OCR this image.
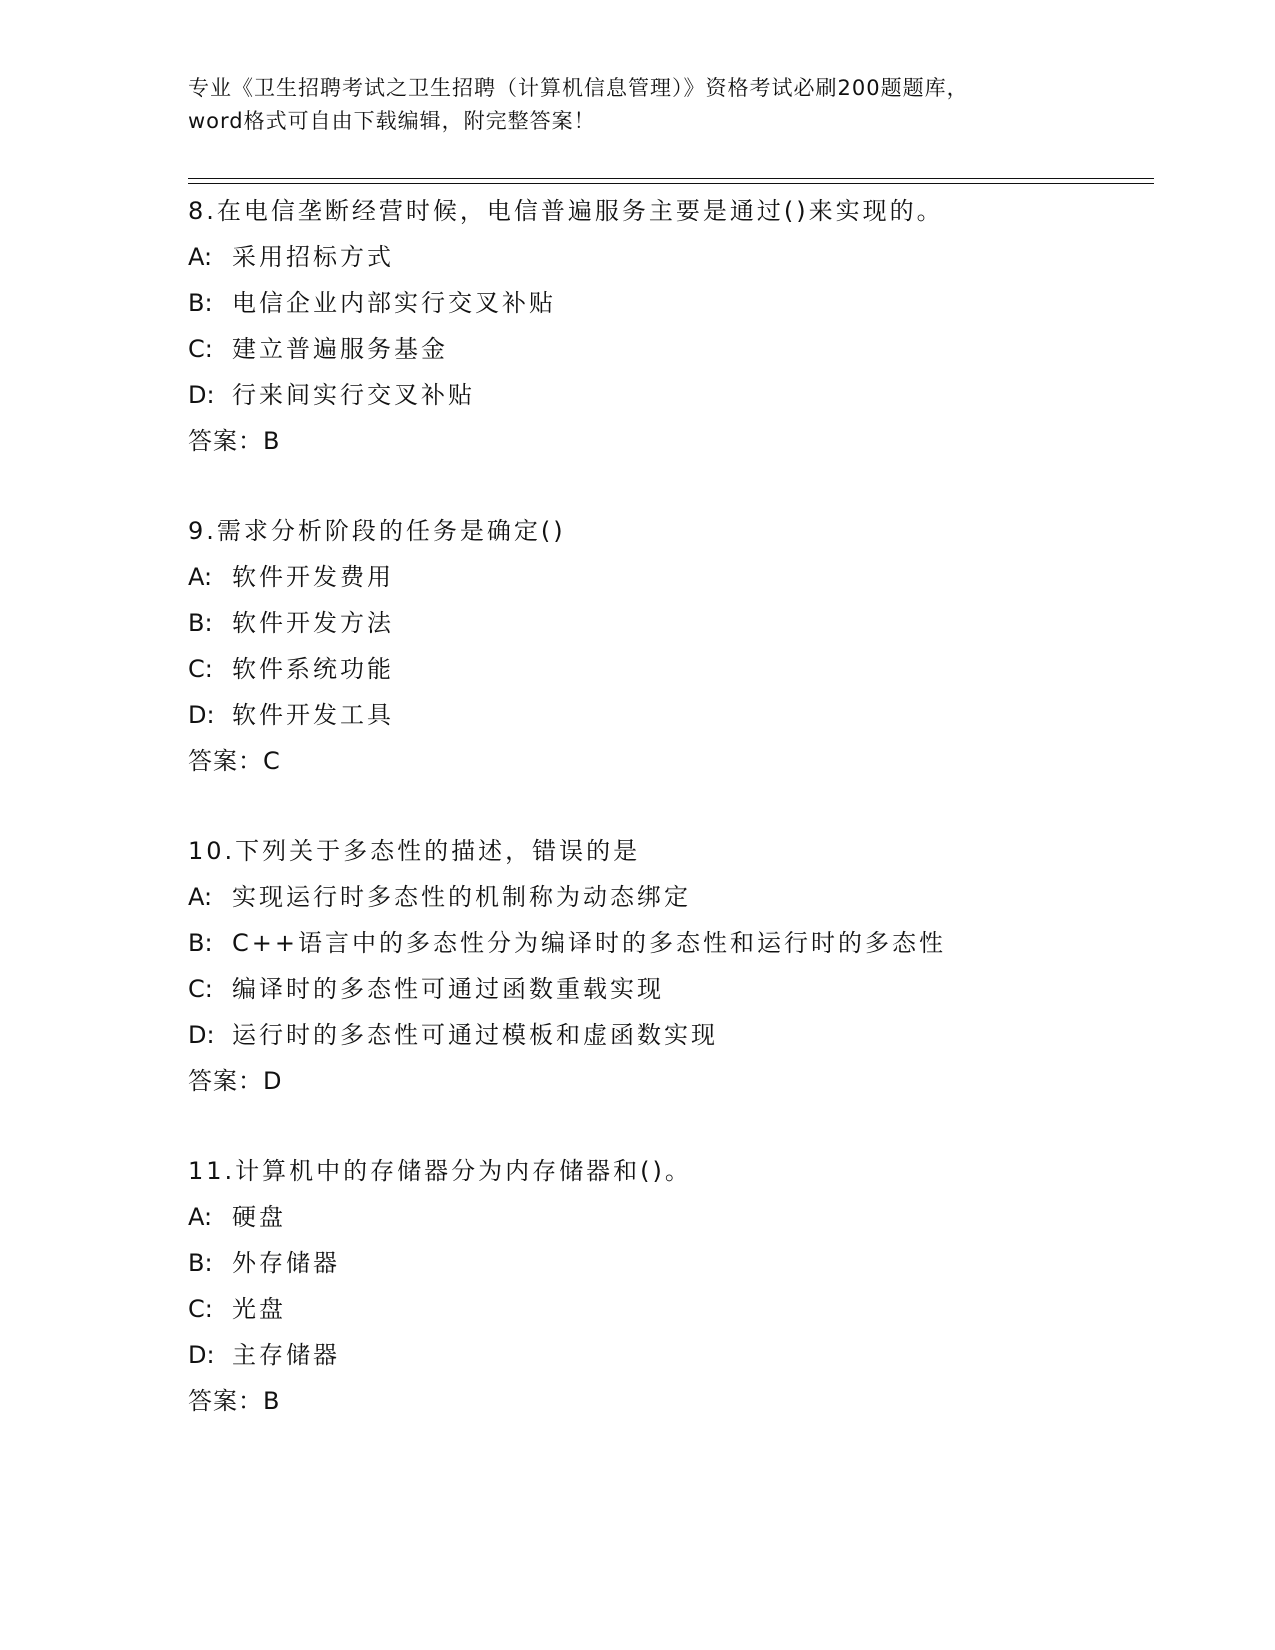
专业《卫生招聘考试之卫生招聘（计算机信息管理）》资格考试必刷200题题库，
word格式可自由下载编辑，附完整答案！
8.在电信垄断经营时候，电信普遍服务主要是通过()来实现的。
A: 采用招标方式
B: 电信企业内部实行交叉补贴
C: 建立普遍服务基金
D: 行来间实行交叉补贴
答案：B
9.需求分析阶段的任务是确定()
A: 软件开发费用
B: 软件开发方法
C: 软件系统功能
D: 软件开发工具
答案：C
10.下列关于多态性的描述，错误的是
A: 实现运行时多态性的机制称为动态绑定
B: C++语言中的多态性分为编译时的多态性和运行时的多态性
C: 编译时的多态性可通过函数重载实现
D: 运行时的多态性可通过模板和虚函数实现
答案：D
11.计算机中的存储器分为内存储器和()。
A: 硬盘
B: 外存储器
C: 光盘
D: 主存储器
答案：B
